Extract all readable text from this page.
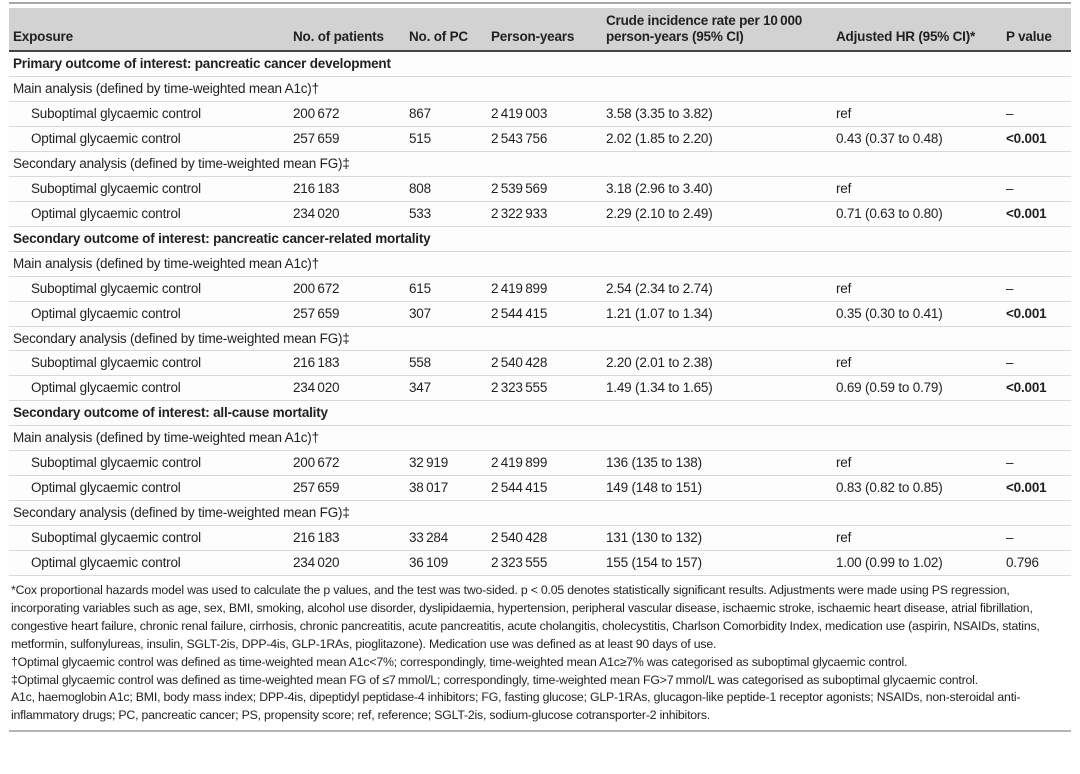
Exposure	No. of patients	No. of PC	Person-years	Crude incidence rate per 10 000 person-years (95% CI)	Adjusted HR (95% CI)*	P value
Primary outcome of interest: pancreatic cancer development						
Main analysis (defined by time-weighted mean A1c)†						
Suboptimal glycaemic control	200 672	867	2 419 003	3.58 (3.35 to 3.82)	ref	–
Optimal glycaemic control	257 659	515	2 543 756	2.02 (1.85 to 2.20)	0.43 (0.37 to 0.48)	<0.001
Secondary analysis (defined by time-weighted mean FG)‡						
Suboptimal glycaemic control	216 183	808	2 539 569	3.18 (2.96 to 3.40)	ref	–
Optimal glycaemic control	234 020	533	2 322 933	2.29 (2.10 to 2.49)	0.71 (0.63 to 0.80)	<0.001
Secondary outcome of interest: pancreatic cancer-related mortality						
Main analysis (defined by time-weighted mean A1c)†						
Suboptimal glycaemic control	200 672	615	2 419 899	2.54 (2.34 to 2.74)	ref	–
Optimal glycaemic control	257 659	307	2 544 415	1.21 (1.07 to 1.34)	0.35 (0.30 to 0.41)	<0.001
Secondary analysis (defined by time-weighted mean FG)‡						
Suboptimal glycaemic control	216 183	558	2 540 428	2.20 (2.01 to 2.38)	ref	–
Optimal glycaemic control	234 020	347	2 323 555	1.49 (1.34 to 1.65)	0.69 (0.59 to 0.79)	<0.001
Secondary outcome of interest: all-cause mortality						
Main analysis (defined by time-weighted mean A1c)†						
Suboptimal glycaemic control	200 672	32 919	2 419 899	136 (135 to 138)	ref	–
Optimal glycaemic control	257 659	38 017	2 544 415	149 (148 to 151)	0.83 (0.82 to 0.85)	<0.001
Secondary analysis (defined by time-weighted mean FG)‡						
Suboptimal glycaemic control	216 183	33 284	2 540 428	131 (130 to 132)	ref	–
Optimal glycaemic control	234 020	36 109	2 323 555	155 (154 to 157)	1.00 (0.99 to 1.02)	0.796

*Cox proportional hazards model was used to calculate the p values, and the test was two-sided. p < 0.05 denotes statistically significant results. Adjustments were made using PS regression, incorporating variables such as age, sex, BMI, smoking, alcohol use disorder, dyslipidaemia, hypertension, peripheral vascular disease, ischaemic stroke, ischaemic heart disease, atrial fibrillation, congestive heart failure, chronic renal failure, cirrhosis, chronic pancreatitis, acute pancreatitis, acute cholangitis, cholecystitis, Charlson Comorbidity Index, medication use (aspirin, NSAIDs, statins, metformin, sulfonylureas, insulin, SGLT-2is, DPP-4is, GLP-1RAs, pioglitazone). Medication use was defined as at least 90 days of use.

†Optimal glycaemic control was defined as time-weighted mean A1c<7%; correspondingly, time-weighted mean A1c≥7% was categorised as suboptimal glycaemic control.

‡Optimal glycaemic control was defined as time-weighted mean FG of ≤7 mmol/L; correspondingly, time-weighted mean FG>7 mmol/L was categorised as suboptimal glycaemic control.

A1c, haemoglobin A1c; BMI, body mass index; DPP-4is, dipeptidyl peptidase-4 inhibitors; FG, fasting glucose; GLP-1RAs, glucagon-like peptide-1 receptor agonists; NSAIDs, non-steroidal anti-inflammatory drugs; PC, pancreatic cancer; PS, propensity score; ref, reference; SGLT-2is, sodium-glucose cotransporter-2 inhibitors.
